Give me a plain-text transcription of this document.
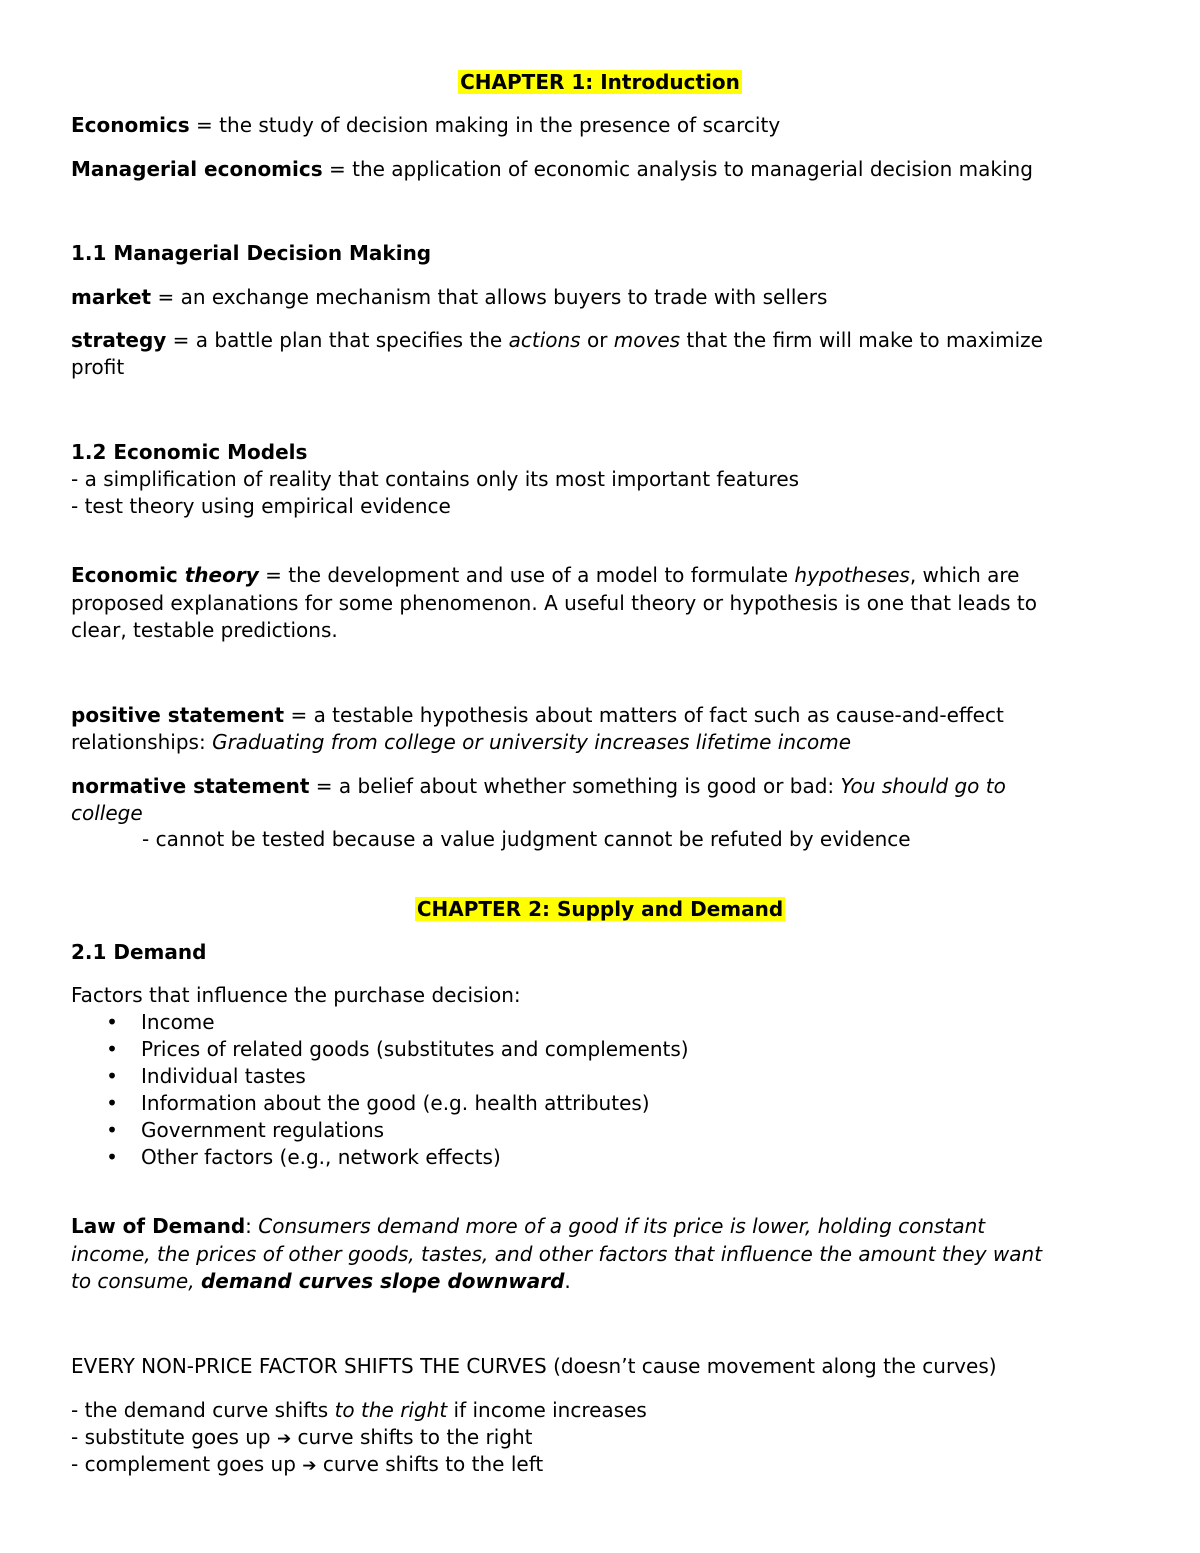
CHAPTER 1: Introduction
Economics = the study of decision making in the presence of scarcity
Managerial economics = the application of economic analysis to managerial decision making
1.1 Managerial Decision Making
market = an exchange mechanism that allows buyers to trade with sellers
strategy = a battle plan that specifies the actions or moves that the firm will make to maximize
profit
1.2 Economic Models
- a simplification of reality that contains only its most important features
- test theory using empirical evidence
Economic theory = the development and use of a model to formulate hypotheses, which are
proposed explanations for some phenomenon. A useful theory or hypothesis is one that leads to
clear, testable predictions.
positive statement = a testable hypothesis about matters of fact such as cause-and-effect
relationships: Graduating from college or university increases lifetime income
normative statement = a belief about whether something is good or bad: You should go to
college
- cannot be tested because a value judgment cannot be refuted by evidence
CHAPTER 2: Supply and Demand
2.1 Demand
Factors that influence the purchase decision:
• Income
• Prices of related goods (substitutes and complements)
• Individual tastes
• Information about the good (e.g. health attributes)
• Government regulations
• Other factors (e.g., network effects)
Law of Demand: Consumers demand more of a good if its price is lower, holding constant
income, the prices of other goods, tastes, and other factors that influence the amount they want
to consume, demand curves slope downward.
EVERY NON-PRICE FACTOR SHIFTS THE CURVES (doesn’t cause movement along the curves)
- the demand curve shifts to the right if income increases
- substitute goes up ➔ curve shifts to the right
- complement goes up ➔ curve shifts to the left
